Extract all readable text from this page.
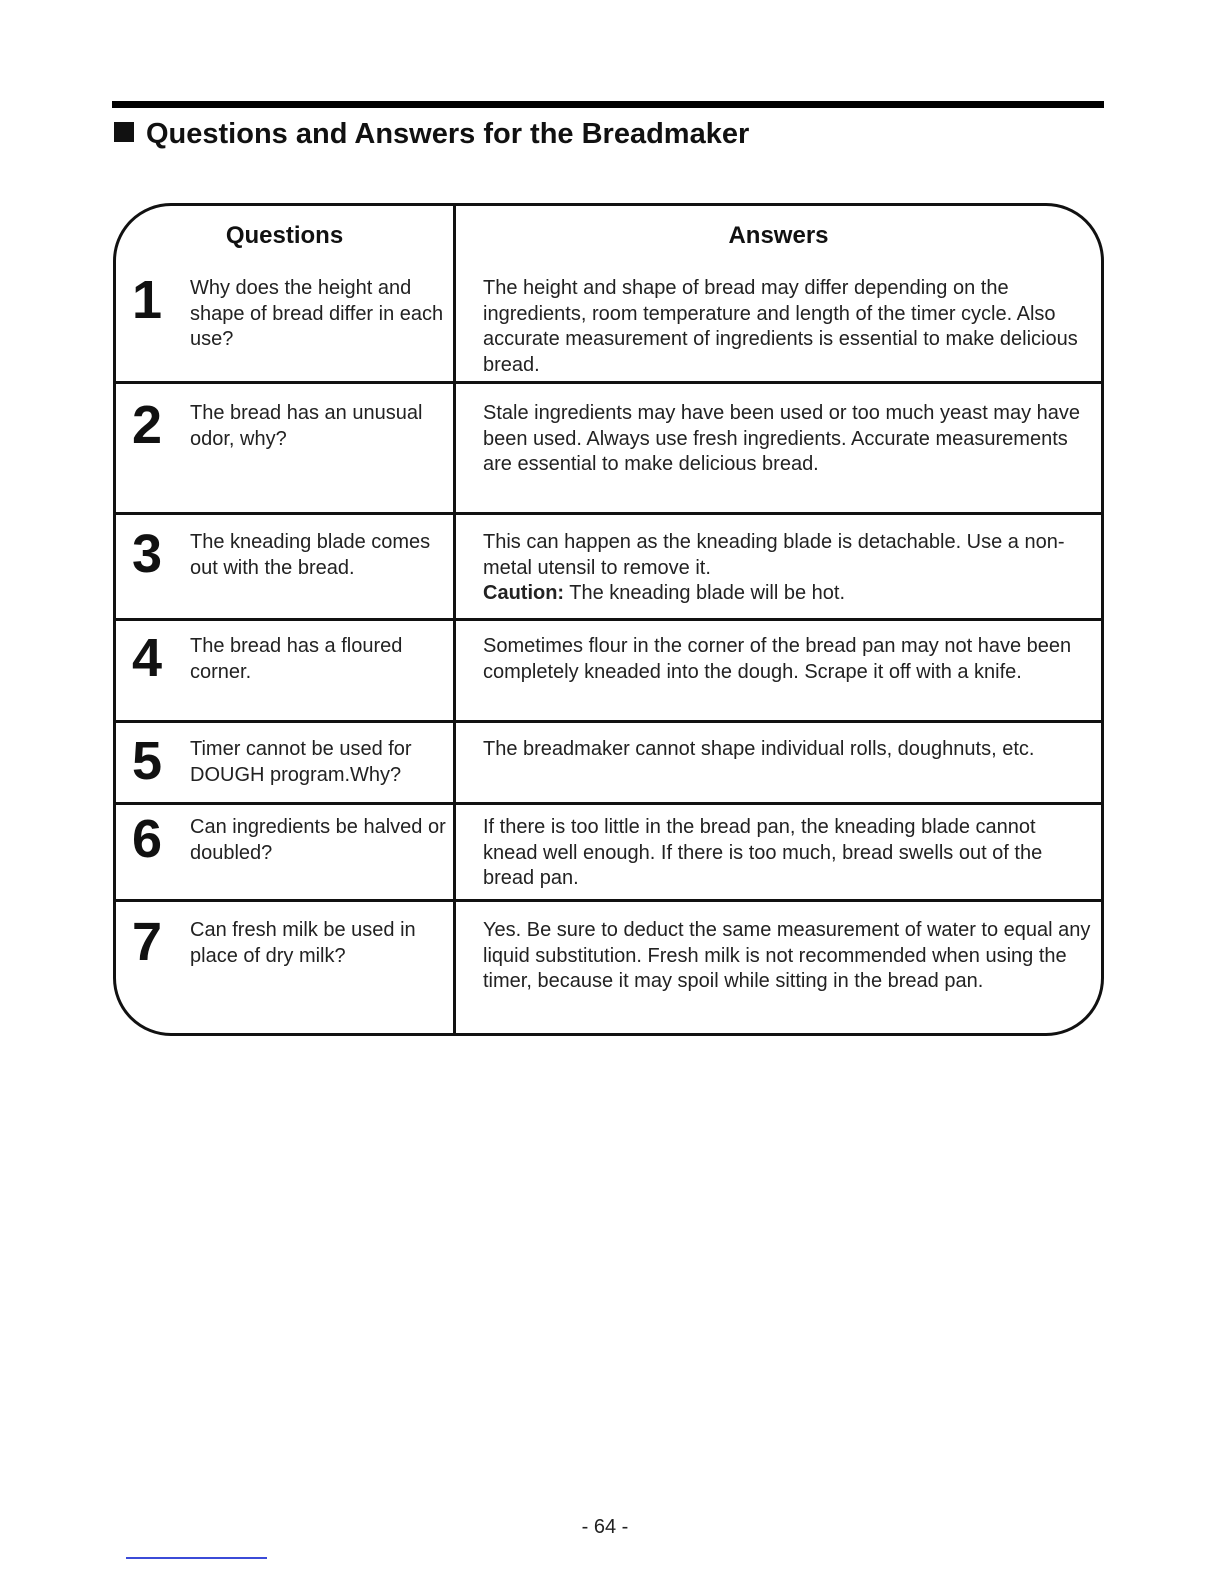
Questions and Answers for the Breadmaker
Questions	Answers
1 Why does the height and shape of bread differ in each use?

The height and shape of bread may differ depending on the ingredients, room temperature and length of the timer cycle. Also accurate measurement of ingredients is essential to make delicious bread.

2 The bread has an unusual odor, why?

Stale ingredients may have been used or too much yeast may have been used. Always use fresh ingredients. Accurate measurements are essential to make delicious bread.

3 The kneading blade comes out with the bread.

This can happen as the kneading blade is detachable. Use a non-metal utensil to remove it.
Caution: The kneading blade will be hot.

4 The bread has a floured corner.

Sometimes flour in the corner of the bread pan may not have been completely kneaded into the dough. Scrape it off with a knife.

5 Timer cannot be used for DOUGH program.Why?

The breadmaker cannot shape individual rolls, doughnuts, etc.

6 Can ingredients be halved or doubled?

If there is too little in the bread pan, the kneading blade cannot knead well enough. If there is too much, bread swells out of the bread pan.

7 Can fresh milk be used in place of dry milk?

Yes. Be sure to deduct the same measurement of water to equal any liquid substitution. Fresh milk is not recommended when using the timer, because it may spoil while sitting in the bread pan.

- 64 -
